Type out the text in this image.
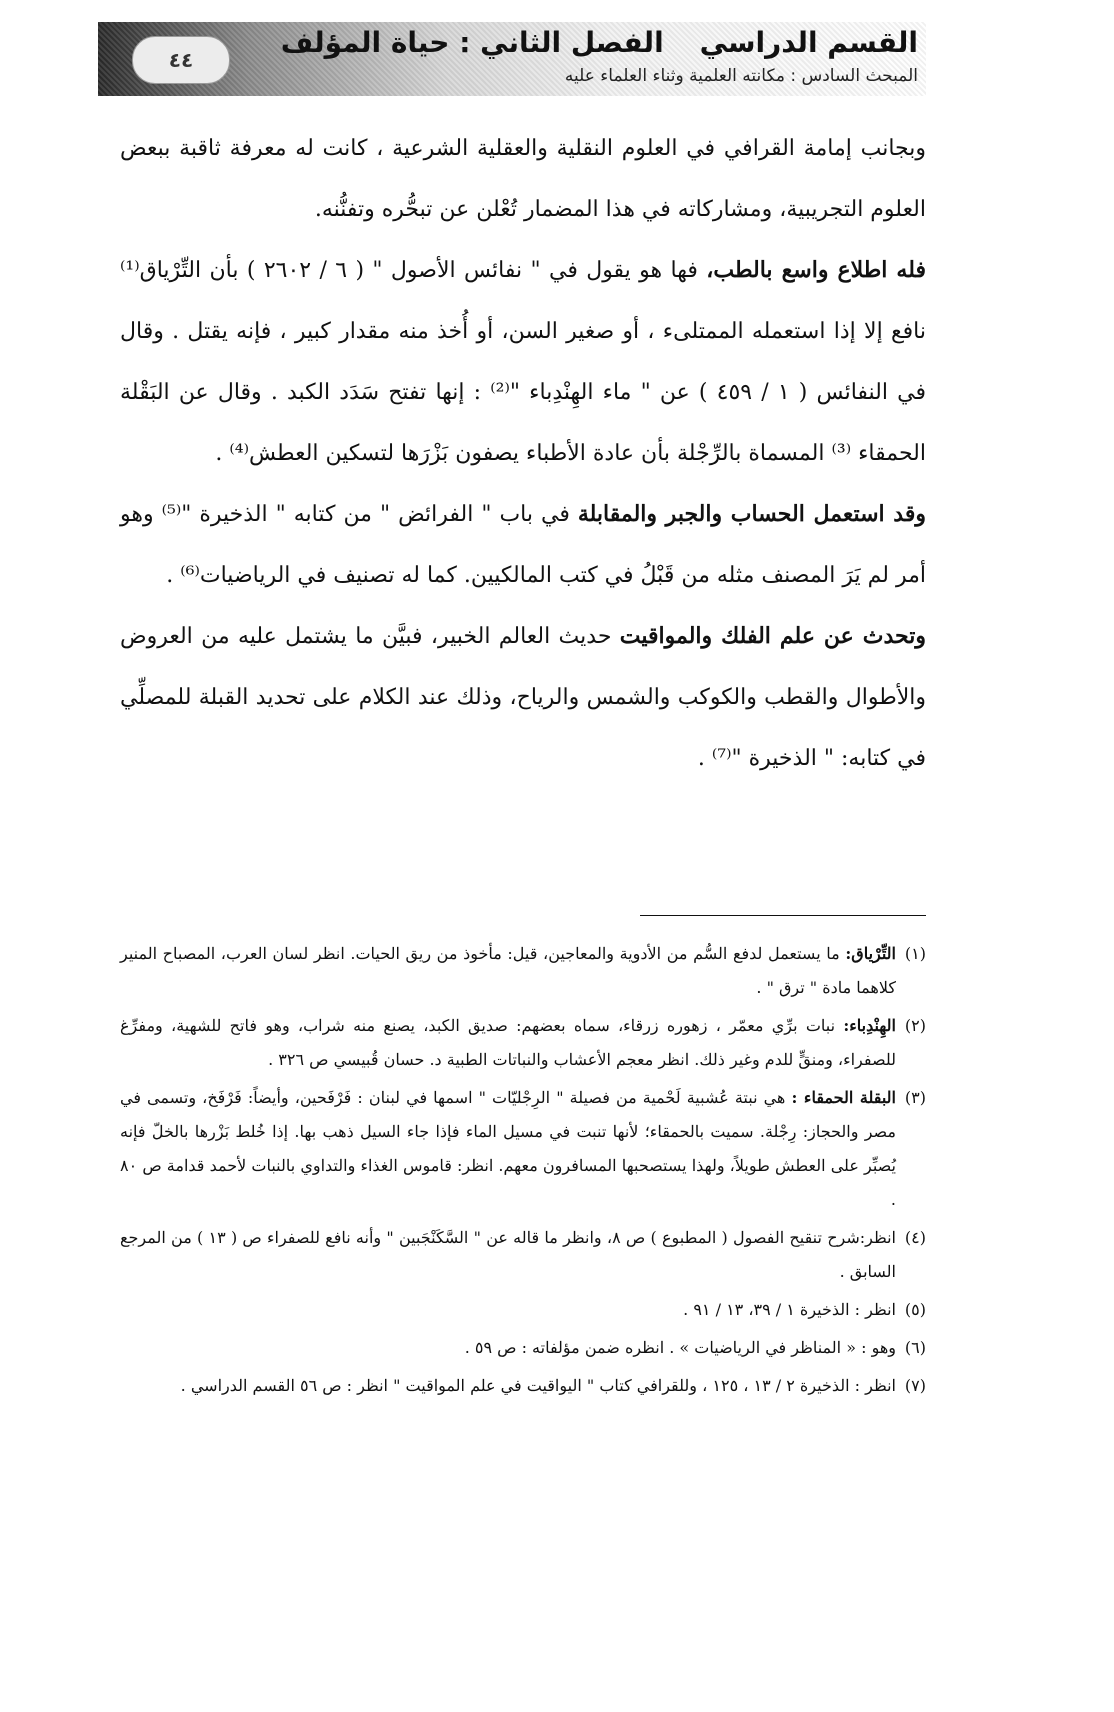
٤٤
القسم الدراسيالفصل الثاني : حياة المؤلف
المبحث السادس : مكانته العلمية وثناء العلماء عليه

وبجانب إمامة القرافي في العلوم النقلية والعقلية الشرعية ، كانت له معرفة ثاقبة ببعض العلوم التجريبية، ومشاركاته في هذا المضمار تُعْلن عن تبحُّره وتفنُّنه.

فله اطلاع واسع بالطب، فها هو يقول في " نفائس الأصول " ( ٦ / ٢٦٠٢ ) بأن التِّرْياق⁽¹⁾ نافع إلا إذا استعمله الممتلىء ، أو صغير السن، أو أُخذ منه مقدار كبير ، فإنه يقتل . وقال في النفائس ( ١ / ٤٥٩ ) عن " ماء الهِنْدِباء "⁽²⁾ : إنها تفتح سَدَد الكبد . وقال عن البَقْلة الحمقاء ⁽³⁾ المسماة بالرِّجْلة بأن عادة الأطباء يصفون بَزْرَها لتسكين العطش⁽⁴⁾ .

وقد استعمل الحساب والجبر والمقابلة في باب " الفرائض " من كتابه " الذخيرة "⁽⁵⁾ وهو أمر لم يَرَ المصنف مثله من قَبْلُ في كتب المالكيين. كما له تصنيف في الرياضيات⁽⁶⁾ .

وتحدث عن علم الفلك والمواقيت حديث العالم الخبير، فبيَّن ما يشتمل عليه من العروض والأطوال والقطب والكوكب والشمس والرياح، وذلك عند الكلام على تحديد القبلة للمصلِّي في كتابه: " الذخيرة "⁽⁷⁾ .

(١)
التِّرْياق: ما يستعمل لدفع السُّم من الأدوية والمعاجين، قيل: مأخوذ من ريق الحيات. انظر لسان العرب، المصباح المنير كلاهما مادة " ترق " .
(٢)
الهِنْدِباء: نبات برِّي معمّر ، زهوره زرقاء، سماه بعضهم: صديق الكبد، يصنع منه شراب، وهو فاتح للشهية، ومفرِّغ للصفراء، ومنقٍّ للدم وغير ذلك. انظر معجم الأعشاب والنباتات الطبية د. حسان قُبيسي ص ٣٢٦ .
(٣)
البقلة الحمقاء : هي نبتة عُشبية لَحْمية من فصيلة " الرِجْليّات " اسمها في لبنان : فَرْفَحين، وأيضاً: فَرْفَخ، وتسمى في مصر والحجاز: رِجْلة. سميت بالحمقاء؛ لأنها تنبت في مسيل الماء فإذا جاء السيل ذهب بها. إذا خُلط بَزْرها بالخلّ فإنه يُصبِّر على العطش طويلاً، ولهذا يستصحبها المسافرون معهم. انظر: قاموس الغذاء والتداوي بالنبات لأحمد قدامة ص ٨٠ .
(٤)
انظر:شرح تنقيح الفصول ( المطبوع ) ص ٨، وانظر ما قاله عن " السَّكَنْجَبين " وأنه نافع للصفراء ص ( ١٣ ) من المرجع السابق .
(٥)
انظر : الذخيرة ١ / ٣٩، ١٣ / ٩١ .
(٦)
وهو : « المناظر في الرياضيات » . انظره ضمن مؤلفاته : ص ٥٩ .
(٧)
انظر : الذخيرة ٢ / ١٣ ، ١٢٥ ، وللقرافي كتاب " اليواقيت في علم المواقيت " انظر : ص ٥٦ القسم الدراسي .
